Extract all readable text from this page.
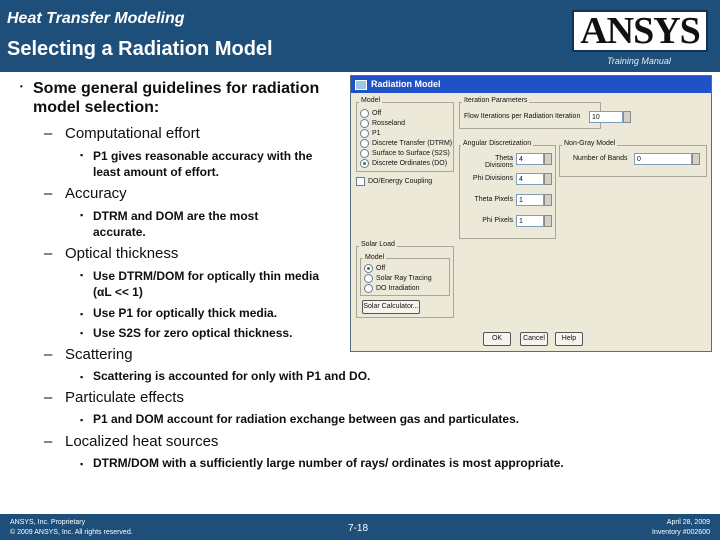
Heat Transfer Modeling
Selecting a Radiation Model	ANSYS
Training Manual
• Some general guidelines for radiation model selection:
– Computational effort
▪ P1 gives reasonable accuracy with the least amount of effort.
– Accuracy
▪ DTRM and DOM are the most accurate.
– Optical thickness
▪ Use DTRM/DOM for optically thin media (αL << 1)
▪ Use P1 for optically thick media.
▪ Use S2S for zero optical thickness.
– Scattering
▪ Scattering is accounted for only with P1 and DO.
– Particulate effects
▪ P1 and DOM account for radiation exchange between gas and particulates.
– Localized heat sources
▪ DTRM/DOM with a sufficiently large number of rays/ ordinates is most appropriate.
Radiation Model
Model
Off
Rosseland
P1
Discrete Transfer (DTRM)
Surface to Surface (S2S)
Discrete Ordinates (DO)
DO/Energy Coupling
Iteration Parameters
Flow Iterations per Radiation Iteration	10
Angular Discretization
Theta Divisions
4
Phi Divisions 4
Theta Pixels 1
Phi Pixels 1
Non-Gray Model
Number of Bands	0
Solar Load
Model
Off
Solar Ray Tracing
DO Irradiation
Solar Calculator...
OK	Cancel	Help
ANSYS, Inc. Proprietary
© 2009 ANSYS, Inc. All rights reserved.	7-18
April 28, 2009
Inventory #002600
